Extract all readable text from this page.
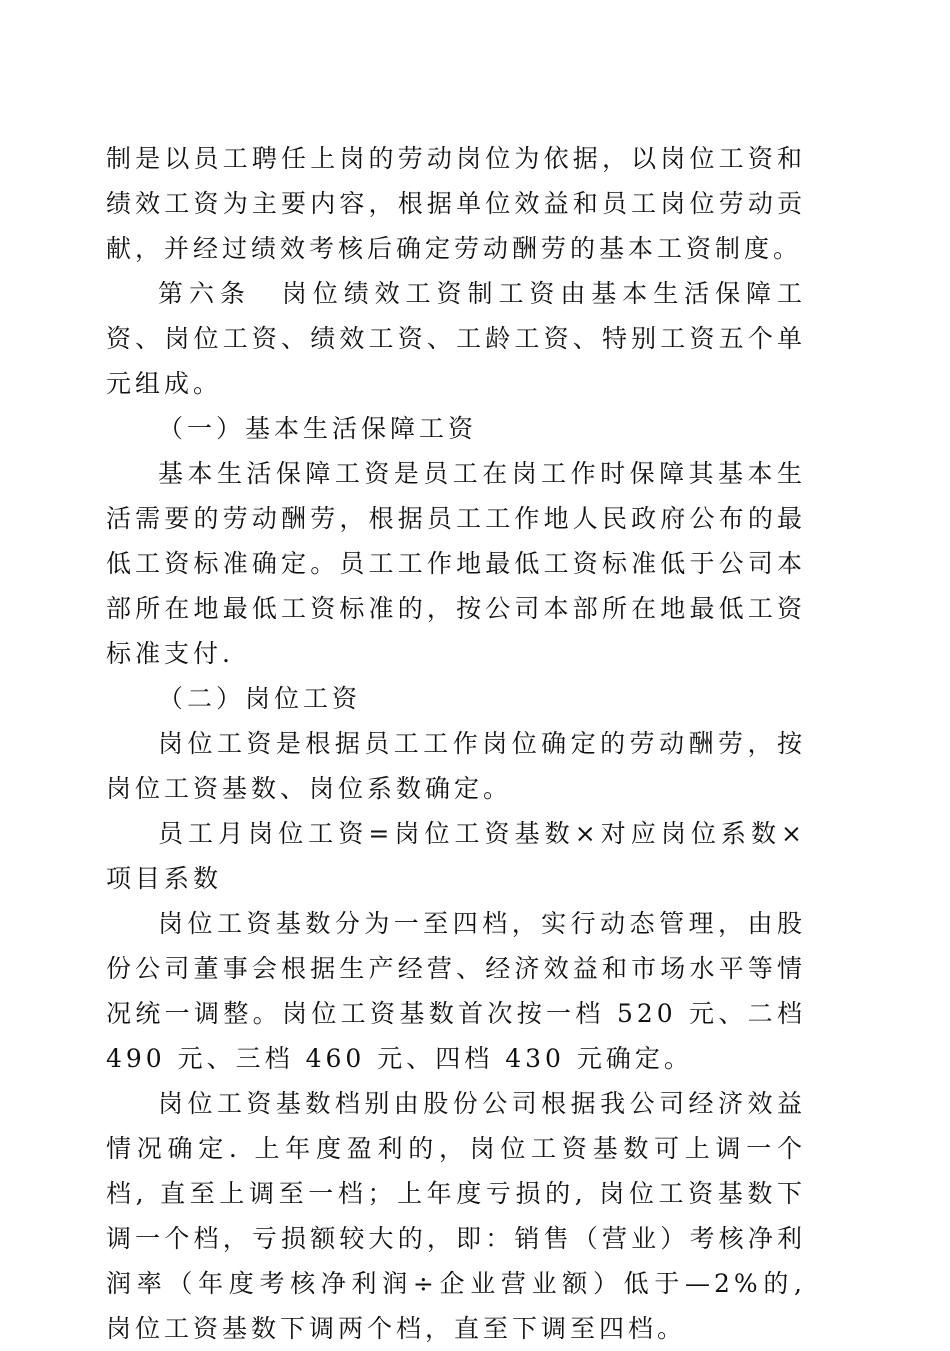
制是以员工聘任上岗的劳动岗位为依据，以岗位工资和绩效工资为主要内容，根据单位效益和员工岗位劳动贡献，并经过绩效考核后确定劳动酬劳的基本工资制度。

第六条　岗位绩效工资制工资由基本生活保障工资、岗位工资、绩效工资、工龄工资、特别工资五个单元组成。

（一）基本生活保障工资

基本生活保障工资是员工在岗工作时保障其基本生活需要的劳动酬劳，根据员工工作地人民政府公布的最低工资标准确定。员工工作地最低工资标准低于公司本部所在地最低工资标准的，按公司本部所在地最低工资标准支付.

（二）岗位工资

岗位工资是根据员工工作岗位确定的劳动酬劳，按岗位工资基数、岗位系数确定。

员工月岗位工资=岗位工资基数×对应岗位系数×项目系数

岗位工资基数分为一至四档，实行动态管理，由股份公司董事会根据生产经营、经济效益和市场水平等情况统一调整。岗位工资基数首次按一档 520 元、二档 490 元、三档 460 元、四档 430 元确定。

岗位工资基数档别由股份公司根据我公司经济效益情况确定. 上年度盈利的，岗位工资基数可上调一个档, 直至上调至一档；上年度亏损的, 岗位工资基数下调一个档，亏损额较大的，即：销售（营业）考核净利润率（年度考核净利润÷企业营业额）低于—2%的, 岗位工资基数下调两个档，直至下调至四档。
